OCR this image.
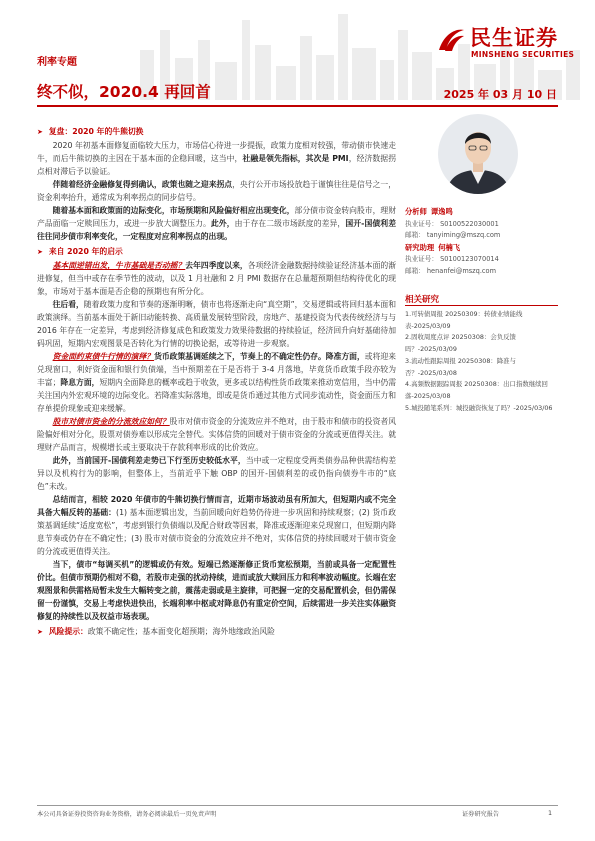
民生证券
MINSHENG SECURITIES
利率专题
终不似，2020.4 再回首	2025 年 03 月 10 日
➤ 复盘：2020 年的牛熊切换

2020 年初基本面修复面临较大压力，市场信心待进一步提振，政策力度相对较强，带动债市快速走牛，而后牛熊切换的主因在于基本面的企稳回暖，这当中，社融是领先指标，其次是 PMI，经济数据拐点相对滞后予以验证。

伴随着经济金融修复得到确认，政策也随之迎来拐点，央行公开市场投放趋于谨慎往往是信号之一，资金利率抬升，通常成为利率拐点的同步信号。

随着基本面和政策面的边际变化，市场预期和风险偏好相应出现变化，部分债市资金转向股市，理财产品面临一定赎回压力，或进一步放大调整压力。此外，由于存在二级市场跃度的差异，国开-国债利差往往同步债市利率变化，一定程度对应利率拐点的出现。

➤ 来自 2020 年的启示

基本面逆错出发，牛市基础是否动摇？去年四季度以来，各项经济金融数据持续验证经济基本面的渐进修复，但当中或存在季节性的波动，以及 1 月社融和 2 月 PMI 数据存在总量超预期但结构待优化的现象，市场对于基本面是否企稳的预期也有所分化。

往后看，随着政策力度和节奏的逐渐明晰，债市也将逐渐走向“真空期”，交易逻辑或将回归基本面和政策演绎。当前基本面处于新旧动能转换、高质量发展转型阶段，房地产、基建投资为代表传统经济与与 2016 年存在一定差异，考虑到经济修复成色和政策发力效果待数据的持续验证，经济回升向好基础待加码巩固，短期内宏观图景是否转化为行情的切换论据，或等待进一步观察。

资金面约束债牛行情的演绎？货币政策基调延续之下，节奏上的不确定性仍存。降准方面，或将迎来兑现窗口，利好资金面和银行负债端，当中预期差在于是否将于 3-4 月落地，毕竟货币政策手段亦较为丰富；降息方面，短期内全面降息的概率或趋于收敛，更多或以结构性货币政策来推动宽信用，当中仍需关注国内外宏观环境的边际变化。若降准实际落地，即或是货币通过其他方式同步流动性，资金面压力和存单提价现象或迎来缓解。

股市对债市资金的分流效应如何？股市对债市资金的分流效应并不绝对，由于股市和债市的投资者风险偏好相对分化，股票对债券难以形成完全替代。实体信贷的回暖对于债市资金的分流或更值得关注。就理财产品而言，规模增长或主要取决于存款利率形成的比价效应。

此外，当前国开-国债利差走势已下行至历史较低水平，当中或一定程度受两类债券品种供需结构差异以及机构行为的影响，但整体上，当前近乎下触 OBP 的国开-国债利差的或仍指向债券牛市的“底色”未改。

总结而言，相较 2020 年债市的牛熊切换行情而言，近期市场波动虽有所加大，但短期内或不完全具备大幅反转的基础：(1) 基本面逻辑出发，当前回暖向好趋势仍待进一步巩固和持续观察；(2) 货币政策基调延续“适度宽松”，考虑到银行负债端以及配合财政等因素，降准或逐渐迎来兑现窗口，但短期内降息节奏或仍存在不确定性；(3) 股市对债市资金的分流效应并不绝对，实体信贷的持续回暖对于债市资金的分流或更值得关注。

当下，债市“每调买机”的逻辑或仍有效。短端已然逐渐修正货币宽松预期，当前或具备一定配置性价比。但债市预期仍相对不稳，若股市走强的扰动持续，进而或放大赎回压力和利率波动幅度。长端在宏观图景和供需格局暂未发生大幅转变之前，震荡走弱或是主旋律，可把握一定的交易配置机会，但仍需保留一份谨慎，交易上考虑快进快出，长端利率中枢或对降息仍有重定价空间，后续需进一步关注实体融资修复的持续性以及权益市场表现。

➤ 风险提示：政策不确定性；基本面变化超预期；海外地缘政治风险
分析师 谭逸鸣
执业证号： S0100522030001
邮箱： tanyiming@mszq.com
研究助理 何楠飞
执业证号： S0100123070014
邮箱： henanfei@mszq.com
相关研究
1.可转债周报 20250309：转债业绩能线表-2025/03/09
2.固收周度点评 20250308：会负反馈吗？-2025/03/09
3.流动性跟踪周报 20250308：降准与否？-2025/03/08
4.高频数据跟踪周报 20250308：出口指数继续回落-2025/03/08
5.城投随笔系列：城投融资恢复了吗？-2025/03/06
本公司具备证券投资咨询业务资格，请务必阅读最后一页免责声明	证券研究报告	1
